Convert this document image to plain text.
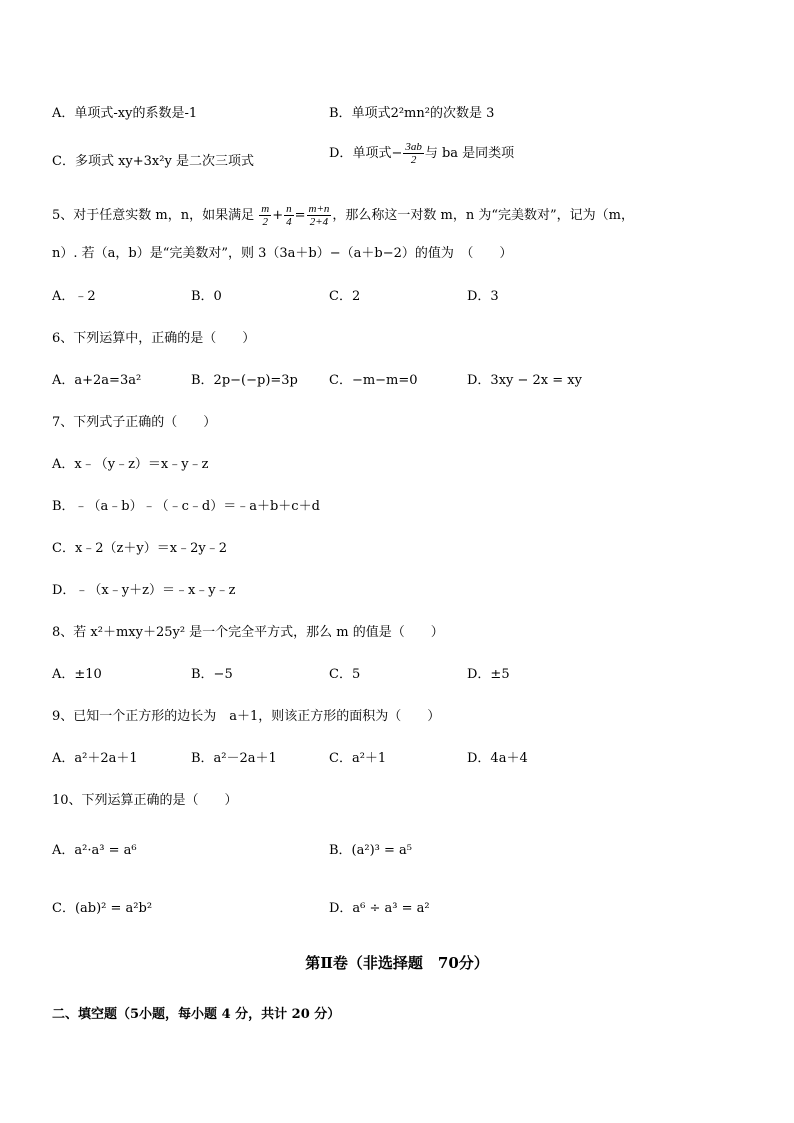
A．单项式-xy的系数是-1	B．单项式2²mn²的次数是 3
C．多项式 xy+3x²y 是二次三项式
D．单项式− $\frac{3ab}{2}$ 与 ba 是同类项
5、对于任意实数 m，n，如果满足 $\frac{m}{2} + \frac{n}{4} = \frac{m+n}{2+4}$ ，那么称这一对数 m，n 为“完美数对”，记为（m，
n）. 若（a，b）是“完美数对”，则 3（3a＋b）−（a＋b−2）的值为　（　　）
A．﹣2	B．0	C．2	D．3
6、下列运算中，正确的是（　　）
A．a+2a=3a²	B．2p−(−p)=3p C．−m−m=0	D．3xy − 2x = xy
7、下列式子正确的（　　）
A．x﹣（y﹣z）＝x﹣y﹣z
B．﹣（a﹣b）﹣（﹣c﹣d）＝﹣a＋b＋c＋d
C．x﹣2（z＋y）＝x﹣2y﹣2
D．﹣（x﹣y＋z）＝﹣x﹣y﹣z
8、若 x²＋mxy＋25y² 是一个完全平方式，那么 m 的值是（　　）
A．±10	B．−5	C．5	D．±5
9、已知一个正方形的边长为　a＋1，则该正方形的面积为（　　）
A．a²＋2a＋1	B．a²－2a＋1	C．a²＋1	D．4a＋4
10、下列运算正确的是（　　）
A．a²·a³ = a⁶	B．(a²)³ = a⁵
C．(ab)² = a²b²	D．a⁶ ÷ a³ = a²
第Ⅱ卷（非选择题　70分）
二、填空题（5小题，每小题 4 分，共计 20 分）
